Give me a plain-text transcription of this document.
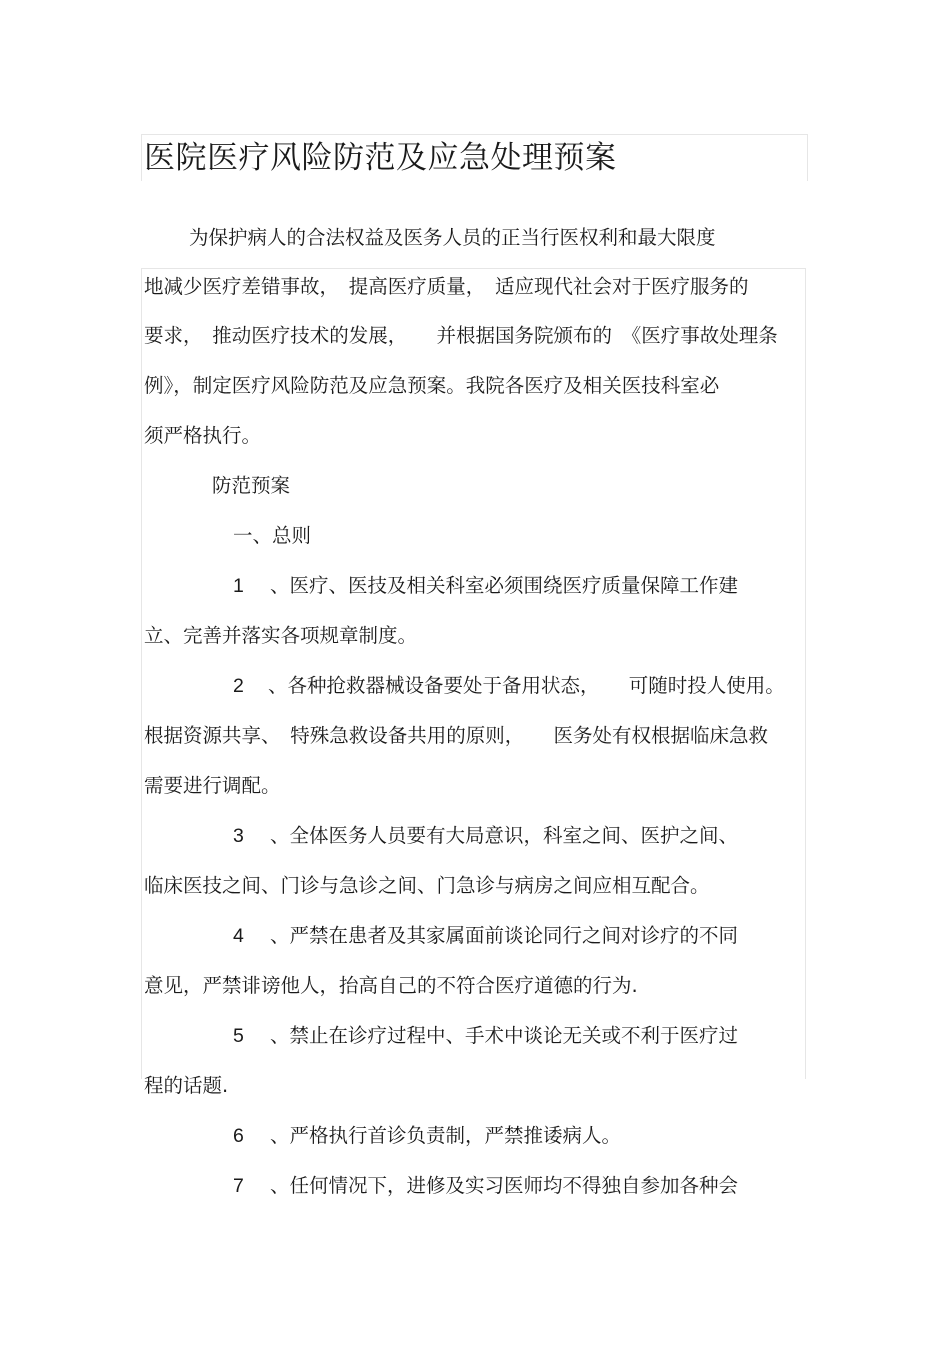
医院医疗风险防范及应急处理预案
为保护病人的合法权益及医务人员的正当行医权利和最大限度
地减少医疗差错事故，　提高医疗质量，　适应现代社会对于医疗服务的
要求，　推动医疗技术的发展，　　并根据国务院颁布的　《医疗事故处理条
例》，制定医疗风险防范及应急预案。我院各医疗及相关医技科室必
须严格执行。
防范预案
一、总则
1 、医疗、医技及相关科室必须围绕医疗质量保障工作建
立、完善并落实各项规章制度。
2 、各种抢救器械设备要处于备用状态，　　可随时投人使用。
根据资源共享、　特殊急救设备共用的原则，　　医务处有权根据临床急救
需要进行调配。
3 、全体医务人员要有大局意识，科室之间、医护之间、
临床医技之间、门诊与急诊之间、门急诊与病房之间应相互配合。
4 、严禁在患者及其家属面前谈论同行之间对诊疗的不同
意见，严禁诽谤他人，抬高自己的不符合医疗道德的行为.
5 、禁止在诊疗过程中、手术中谈论无关或不利于医疗过
程的话题.
6 、严格执行首诊负责制，严禁推诿病人。
7 、任何情况下，进修及实习医师均不得独自参加各种会
